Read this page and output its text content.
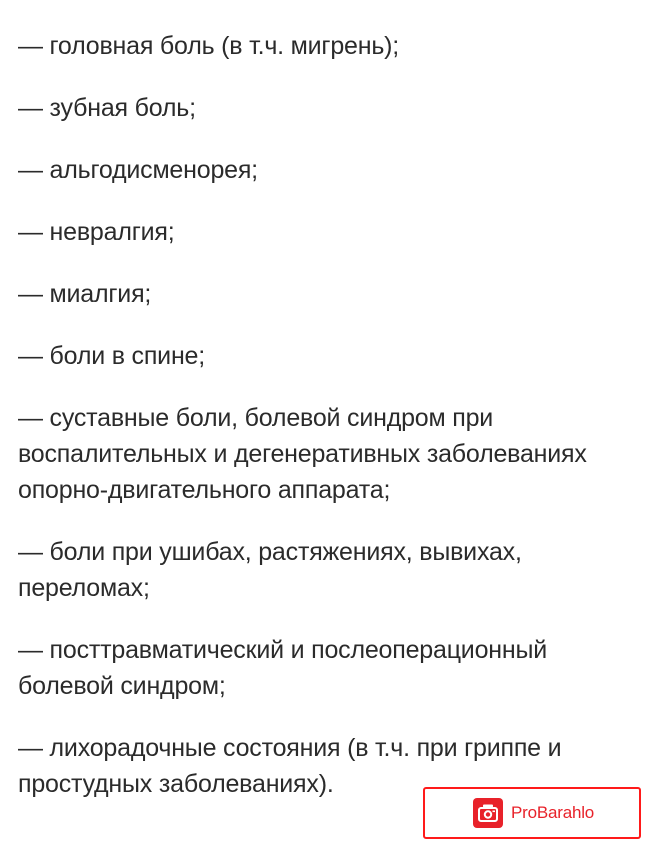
— головная боль (в т.ч. мигрень);

— зубная боль;

— альгодисменорея;

— невралгия;

— миалгия;

— боли в спине;

— суставные боли, болевой синдром при воспалительных и дегенеративных заболеваниях опорно-двигательного аппарата;

— боли при ушибах, растяжениях, вывихах, переломах;

— посттравматический и послеоперационный болевой синдром;

— лихорадочные состояния (в т.ч. при гриппе и простудных заболеваниях).

ProBarahlo
